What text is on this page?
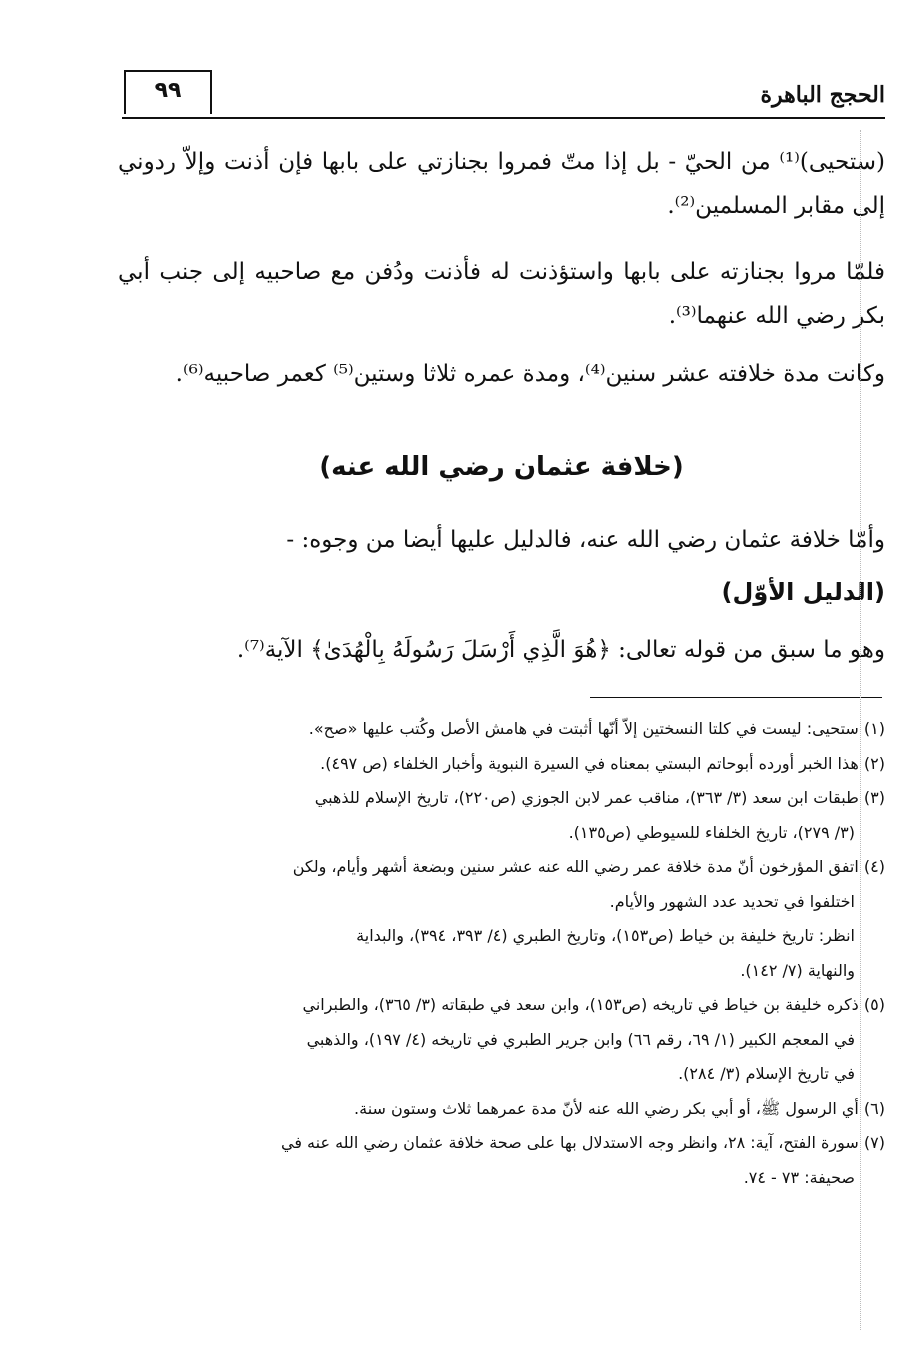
٩٩	الحجج الباهرة

(ستحيى)⁽¹⁾ من الحيّ - بل إذا متّ فمروا بجنازتي على بابها فإن أذنت وإلاّ ردوني إلى مقابر المسلمين⁽²⁾.

فلمّا مروا بجنازته على بابها واستؤذنت له فأذنت ودُفن مع صاحبيه إلى جنب أبي بكر رضي الله عنهما⁽³⁾.

وكانت مدة خلافته عشر سنين⁽⁴⁾، ومدة عمره ثلاثا وستين⁽⁵⁾ كعمر صاحبيه⁽⁶⁾.

(خلافة عثمان رضي الله عنه)

وأمّا خلافة عثمان رضي الله عنه، فالدليل عليها أيضا من وجوه: -

(الدليل الأوّل)

وهو ما سبق من قوله تعالى: ﴿هُوَ الَّذِي أَرْسَلَ رَسُولَهُ بِالْهُدَىٰ﴾ الآية⁽⁷⁾.

(١) ستحيى: ليست في كلتا النسختين إلاّ أنّها أثبتت في هامش الأصل وكُتب عليها «صح».

(٢) هذا الخبر أورده أبوحاتم البستي بمعناه في السيرة النبوية وأخبار الخلفاء (ص ٤٩٧).

(٣) طبقات ابن سعد (٣/ ٣٦٣)، مناقب عمر لابن الجوزي (ص٢٢٠)، تاريخ الإسلام للذهبي
(٣/ ٢٧٩)، تاريخ الخلفاء للسيوطي (ص١٣٥).

(٤) اتفق المؤرخون أنّ مدة خلافة عمر رضي الله عنه عشر سنين وبضعة أشهر وأيام، ولكن
اختلفوا في تحديد عدد الشهور والأيام.

انظر: تاريخ خليفة بن خياط (ص١٥٣)، وتاريخ الطبري (٤/ ٣٩٣، ٣٩٤)، والبداية
والنهاية (٧/ ١٤٢).

(٥) ذكره خليفة بن خياط في تاريخه (ص١٥٣)، وابن سعد في طبقاته (٣/ ٣٦٥)، والطبراني
في المعجم الكبير (١/ ٦٩، رقم ٦٦) وابن جرير الطبري في تاريخه (٤/ ١٩٧)، والذهبي
في تاريخ الإسلام (٣/ ٢٨٤).

(٦) أي الرسول ﷺ، أو أبي بكر رضي الله عنه لأنّ مدة عمرهما ثلاث وستون سنة.

(٧) سورة الفتح، آية: ٢٨، وانظر وجه الاستدلال بها على صحة خلافة عثمان رضي الله عنه في
صحيفة: ٧٣ - ٧٤.
